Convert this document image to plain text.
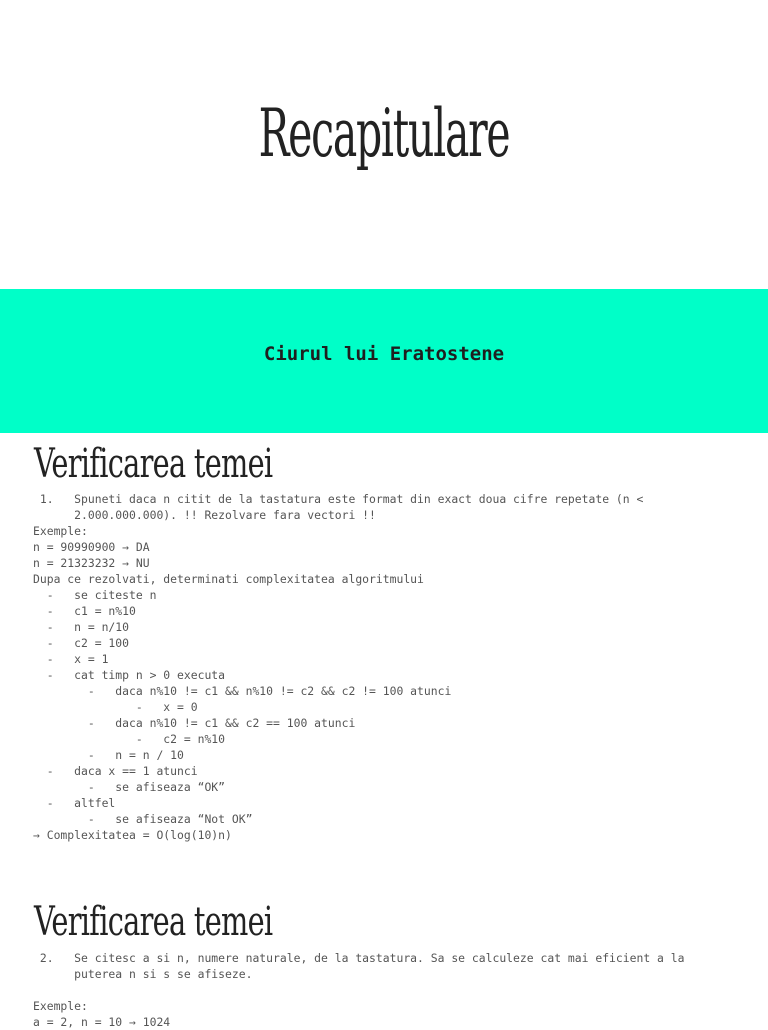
Recapitulare
Ciurul lui Eratostene
Verificarea temei

1.   Spuneti daca n citit de la tastatura este format din exact doua cifre repetate (n <

2.000.000.000). !! Rezolvare fara vectori !!

Exemple:

n = 90990900 → DA

n = 21323232 → NU

Dupa ce rezolvati, determinati complexitatea algoritmului

-   se citeste n

-   c1 = n%10

-   n = n/10

-   c2 = 100

-   x = 1

-   cat timp n > 0 executa

-   daca n%10 != c1 && n%10 != c2 && c2 != 100 atunci

-   x = 0

-   daca n%10 != c1 && c2 == 100 atunci

-   c2 = n%10

-   n = n / 10

-   daca x == 1 atunci

-   se afiseaza “OK”

-   altfel

-   se afiseaza “Not OK”

→ Complexitatea = O(log(10)n)

Verificarea temei

2.   Se citesc a si n, numere naturale, de la tastatura. Sa se calculeze cat mai eficient a la

puterea n si s se afiseze.

Exemple:

a = 2, n = 10 → 1024
